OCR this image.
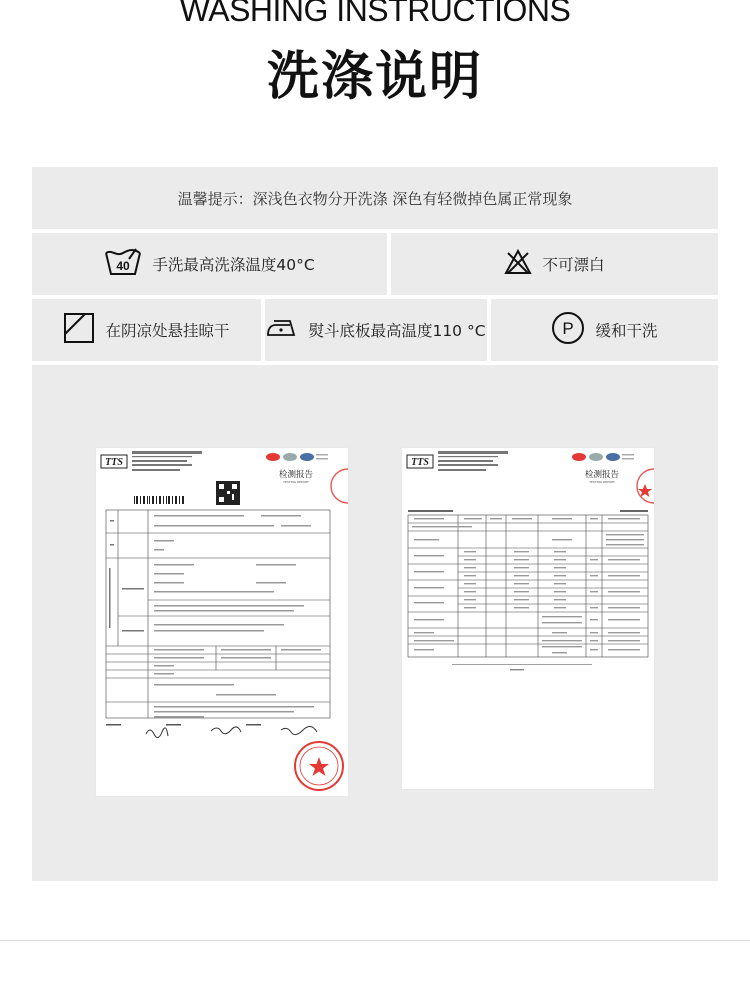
WASHING INSTRUCTIONS
洗涤说明
温馨提示：深浅色衣物分开洗涤 深色有轻微掉色属正常现象
40 手洗最高洗涤温度40°C	不可漂白
在阴凉处悬挂晾干	熨斗底板最高温度110 °C	P 缓和干洗
TTS
检测报告
TESTING REPORT
TTS
检测报告
TESTING REPORT
